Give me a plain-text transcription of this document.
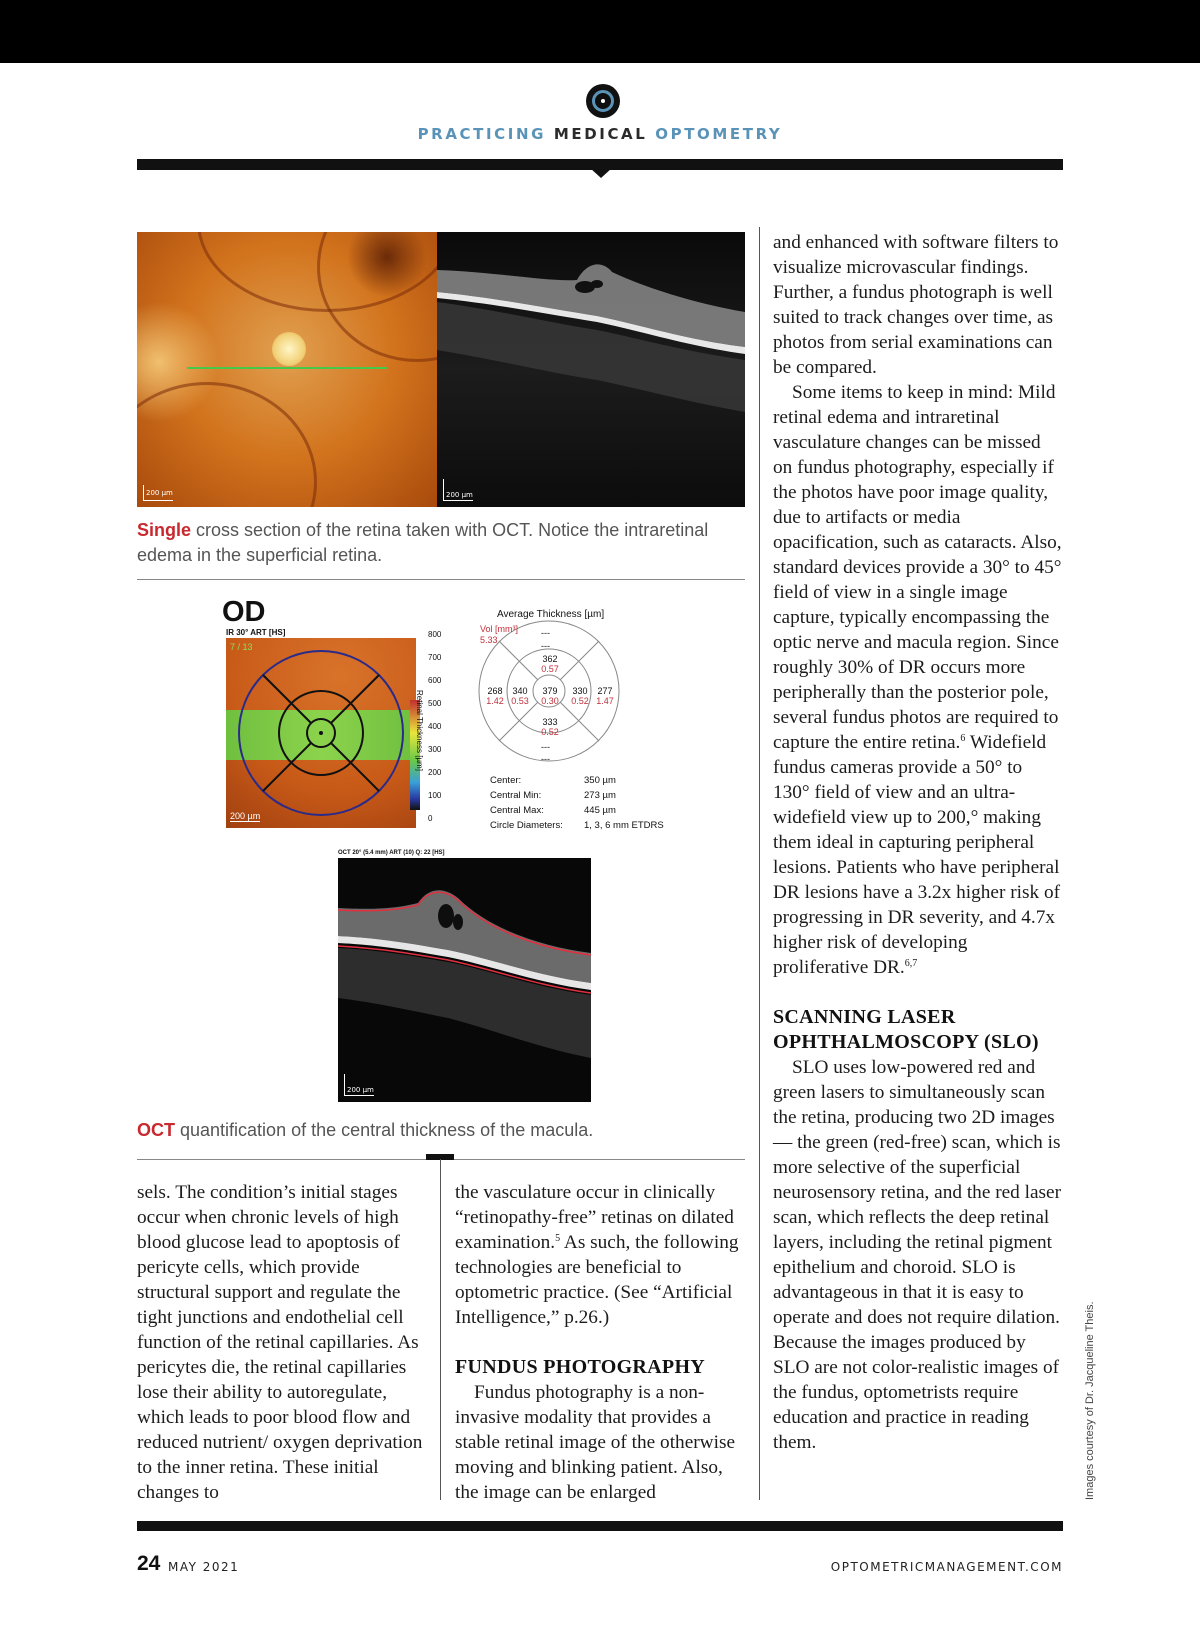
PRACTICING MEDICAL OPTOMETRY
200 µm	200 µm
Single cross section of the retina taken with OCT. Notice the intraretinal edema in the superficial retina.
OD
IR 30° ART [HS]
7 / 13
200 µm
Retinal Thickness [µm]
800
700
600
500
400
300
200
100
0
Average Thickness [µm]
Vol [mm³]
5.33
---
---
362
0.57
268
1.42
340
0.53
379
0.30
330
0.52
277
1.47
333
0.52
---
---
Center:	350 µm
Central Min:	273 µm
Central Max:	445 µm
Circle Diameters:	1, 3, 6 mm ETDRS
OCT 20° (5.4 mm) ART (10) Q: 22 [HS]
200 µm
OCT quantification of the central thickness of the macula.

sels. The condition’s initial stages occur when chronic levels of high blood glucose lead to apoptosis of pericyte cells, which provide structural support and regulate the tight junctions and endothelial cell function of the retinal capillaries. As pericytes die, the retinal capillaries lose their ability to autoregulate, which leads to poor blood flow and reduced nutrient/ oxygen deprivation to the inner retina. These initial changes to

the vasculature occur in clinically “retinopathy-free” retinas on dilated examination.$^5$ As such, the following technologies are beneficial to optometric practice. (See “Artificial Intelligence,” p.26.)

FUNDUS PHOTOGRAPHY

Fundus photography is a non-invasive modality that provides a stable retinal image of the otherwise moving and blinking patient. Also, the image can be enlarged

and enhanced with software filters to visualize microvascular findings. Further, a fundus photograph is well suited to track changes over time, as photos from serial examinations can be compared.

Some items to keep in mind: Mild retinal edema and intraretinal vasculature changes can be missed on fundus photography, especially if the photos have poor image quality, due to artifacts or media opacification, such as cataracts. Also, standard devices provide a 30° to 45° field of view in a single image capture, typically encompassing the optic nerve and macula region. Since roughly 30% of DR occurs more peripherally than the posterior pole, several fundus photos are required to capture the entire retina.$^6$ Widefield fundus cameras provide a 50° to 130° field of view and an ultra-widefield view up to 200,° making them ideal in capturing peripheral lesions. Patients who have peripheral DR lesions have a 3.2x higher risk of progressing in DR severity, and 4.7x higher risk of developing proliferative DR.$^{6,7}$

SCANNING LASER OPHTHALMOSCOPY (SLO)

SLO uses low-powered red and green lasers to simultaneously scan the retina, producing two 2D images — the green (red-free) scan, which is more selective of the superficial neurosensory retina, and the red laser scan, which reflects the deep retinal layers, including the retinal pigment epithelium and choroid. SLO is advantageous in that it is easy to operate and does not require dilation. Because the images produced by SLO are not color-realistic images of the fundus, optometrists require education and practice in reading them.	Images courtesy of Dr. Jacqueline Theis.
24 MAY 2021	OPTOMETRICMANAGEMENT.COM
